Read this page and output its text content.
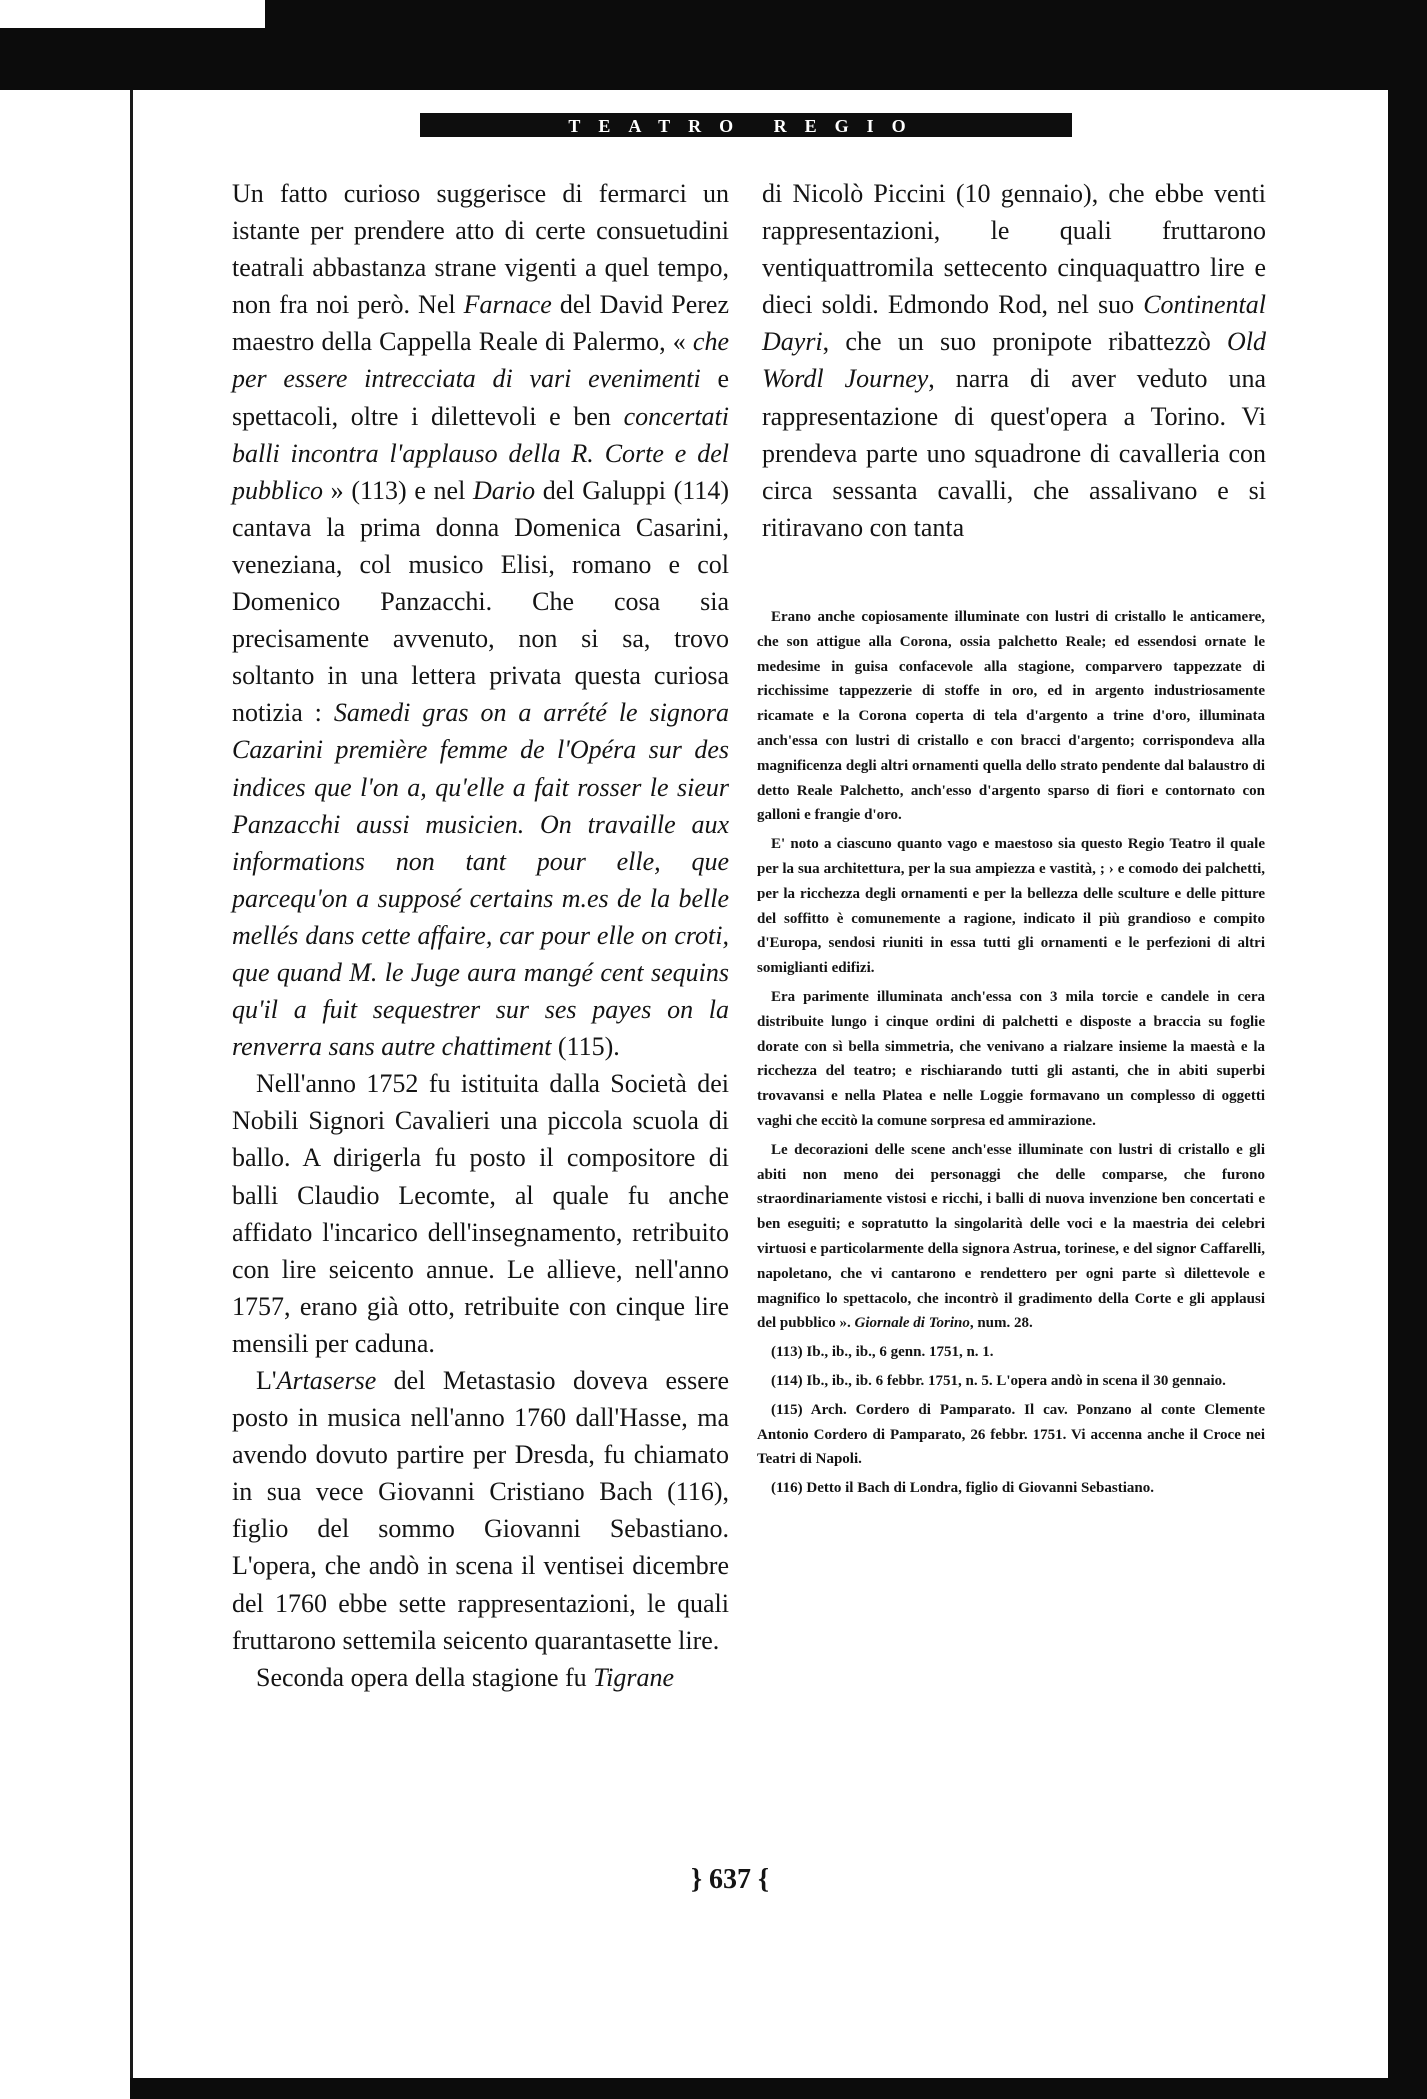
TEATRO REGIO

Un fatto curioso suggerisce di fermarci un istante per prendere atto di certe consuetudini teatrali abbastanza strane vigenti a quel tempo, non fra noi però. Nel Farnace del David Perez maestro della Cappella Reale di Palermo, « che per essere intrecciata di vari evenimenti e spettacoli, oltre i dilettevoli e ben concertati balli incontra l'applauso della R. Corte e del pubblico » (113) e nel Dario del Galuppi (114) cantava la prima donna Domenica Casarini, veneziana, col musico Elisi, romano e col Domenico Panzacchi. Che cosa sia precisamente avvenuto, non si sa, trovo soltanto in una lettera privata questa curiosa notizia : Samedi gras on a arrété le signora Cazarini première femme de l'Opéra sur des indices que l'on a, qu'elle a fait rosser le sieur Panzacchi aussi musicien. On travaille aux informations non tant pour elle, que parcequ'on a supposé certains m.es de la belle mellés dans cette affaire, car pour elle on croti, que quand M. le Juge aura mangé cent sequins qu'il a fuit sequestrer sur ses payes on la renverra sans autre chattiment (115).

Nell'anno 1752 fu istituita dalla Società dei Nobili Signori Cavalieri una piccola scuola di ballo. A dirigerla fu posto il compositore di balli Claudio Lecomte, al quale fu anche affidato l'incarico dell'insegnamento, retribuito con lire seicento annue. Le allieve, nell'anno 1757, erano già otto, retribuite con cinque lire mensili per caduna.

L'Artaserse del Metastasio doveva essere posto in musica nell'anno 1760 dall'Hasse, ma avendo dovuto partire per Dresda, fu chiamato in sua vece Giovanni Cristiano Bach (116), figlio del sommo Giovanni Sebastiano. L'opera, che andò in scena il ventisei dicembre del 1760 ebbe sette rappresentazioni, le quali fruttarono settemila seicento quarantasette lire.

Seconda opera della stagione fu Tigrane

di Nicolò Piccini (10 gennaio), che ebbe venti rappresentazioni, le quali fruttarono ventiquattromila settecento cinquaquattro lire e dieci soldi. Edmondo Rod, nel suo Continental Dayri, che un suo pronipote ribattezzò Old Wordl Journey, narra di aver veduto una rappresentazione di quest'opera a Torino. Vi prendeva parte uno squadrone di cavalleria con circa sessanta cavalli, che assalivano e si ritiravano con tanta

Erano anche copiosamente illuminate con lustri di cristallo le anticamere, che son attigue alla Corona, ossia palchetto Reale; ed essendosi ornate le medesime in guisa confacevole alla stagione, comparvero tappezzate di ricchissime tappezzerie di stoffe in oro, ed in argento industriosamente ricamate e la Corona coperta di tela d'argento a trine d'oro, illuminata anch'essa con lustri di cristallo e con bracci d'argento; corrispondeva alla magnificenza degli altri ornamenti quella dello strato pendente dal balaustro di detto Reale Palchetto, anch'esso d'argento sparso di fiori e contornato con galloni e frangie d'oro.

E' noto a ciascuno quanto vago e maestoso sia questo Regio Teatro il quale per la sua architettura, per la sua ampiezza e vastità, ; › e comodo dei palchetti, per la ricchezza degli ornamenti e per la bellezza delle sculture e delle pitture del soffitto è comunemente a ragione, indicato il più grandioso e compito d'Europa, sendosi riuniti in essa tutti gli ornamenti e le perfezioni di altri somiglianti edifizi.

Era parimente illuminata anch'essa con 3 mila torcie e candele in cera distribuite lungo i cinque ordini di palchetti e disposte a braccia su foglie dorate con sì bella simmetria, che venivano a rialzare insieme la maestà e la ricchezza del teatro; e rischiarando tutti gli astanti, che in abiti superbi trovavansi e nella Platea e nelle Loggie formavano un complesso di oggetti vaghi che eccitò la comune sorpresa ed ammirazione.

Le decorazioni delle scene anch'esse illuminate con lustri di cristallo e gli abiti non meno dei personaggi che delle comparse, che furono straordinariamente vistosi e ricchi, i balli di nuova invenzione ben concertati e ben eseguiti; e sopratutto la singolarità delle voci e la maestria dei celebri virtuosi e particolarmente della signora Astrua, torinese, e del signor Caffarelli, napoletano, che vi cantarono e rendettero per ogni parte sì dilettevole e magnifico lo spettacolo, che incontrò il gradimento della Corte e gli applausi del pubblico ». Giornale di Torino, num. 28.

(113) Ib., ib., ib., 6 genn. 1751, n. 1.

(114) Ib., ib., ib. 6 febbr. 1751, n. 5. L'opera andò in scena il 30 gennaio.

(115) Arch. Cordero di Pamparato. Il cav. Ponzano al conte Clemente Antonio Cordero di Pamparato, 26 febbr. 1751. Vi accenna anche il Croce nei Teatri di Napoli.

(116) Detto il Bach di Londra, figlio di Giovanni Sebastiano.

} 637 {
